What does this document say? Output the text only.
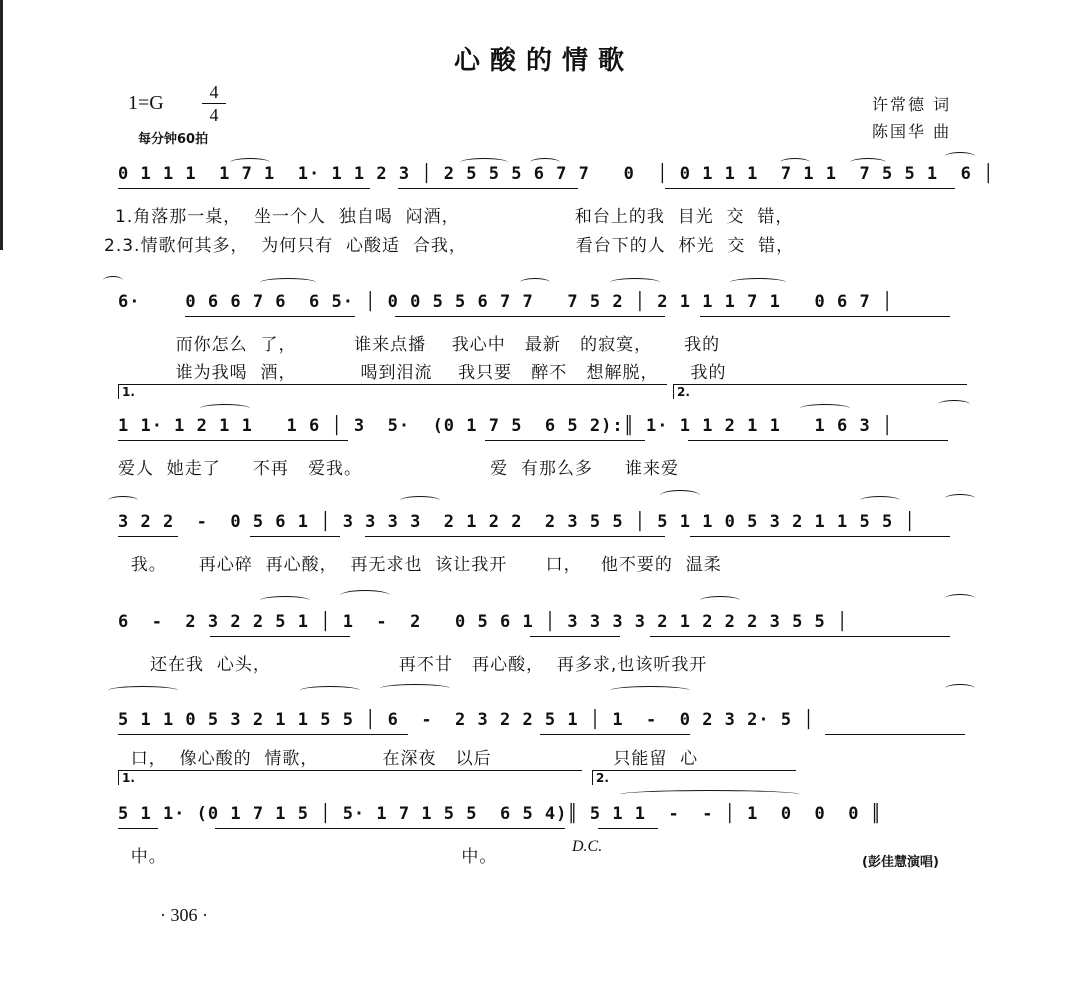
心酸的情歌
1=G	4
4
每分钟60拍
许常德 词
陈国华 曲
0 1 1 1  1 7 1  1· 1 1 2 3 │ 2 5 5 5 6 7 7   0  │ 0 1 1 1  7 1 1  7 5 5 1  6 │
1.角落那一桌，  坐一个人  独自喝  闷酒，                  和台上的我  目光  交  错，
2.3.情歌何其多，  为何只有  心酸适  合我，                 看台下的人  杯光  交  错，
6·    0 6 6 7 6  6 5· │ 0 0 5 5 6 7 7   7 5 2 │ 2 1 1 1 7 1   0 6 7 │
而你怎么  了，         谁来点播    我心中   最新   的寂寞，     我的
谁为我喝  酒，          喝到泪流    我只要   醉不   想解脱，     我的
1.	2.
1 1· 1 2 1 1   1 6 │ 3  5·  (0 1 7 5  6 5 2):║ 1· 1 1 2 1 1   1 6 3 │
爱人  她走了     不再   爱我。                    爱  有那么多     谁来爱
3 2 2  -  0 5 6 1 │ 3 3 3 3  2 1 2 2  2 3 5 5 │ 5 1 1 0 5 3 2 1 1 5 5 │
我。     再心碎  再心酸，  再无求也  该让我开      口，   他不要的  温柔
6  -  2 3 2 2 5 1 │ 1  -  2   0 5 6 1 │ 3 3 3 3 2 1 2 2 2 3 5 5 │
还在我  心头，                    再不甘   再心酸，  再多求,也该听我开
5 1 1 0 5 3 2 1 1 5 5 │ 6  -  2 3 2 2 5 1 │ 1  -  0 2 3 2· 5 │
口，  像心酸的  情歌，          在深夜   以后                   只能留  心
1.	2.
5 1 1· (0 1 7 1 5 │ 5· 1 7 1 5 5  6 5 4)║ 5 1 1  -  - │ 1  0  0  0 ║
中。                                              中。
D.C.
(彭佳慧演唱)
· 306 ·
